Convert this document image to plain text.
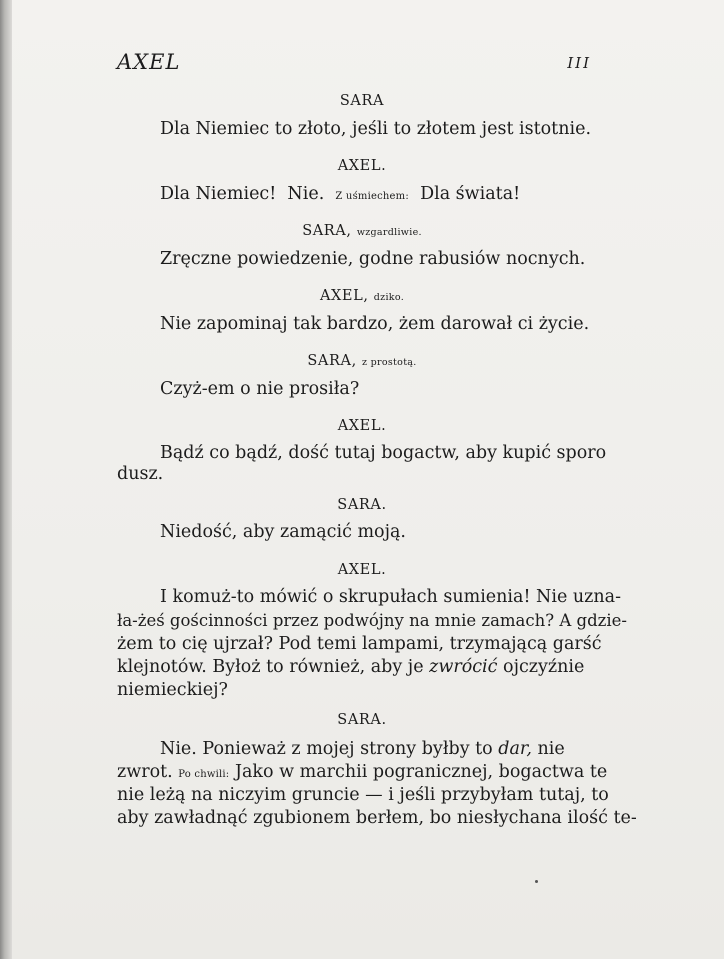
AXEL	III
SARA
Dla Niemiec to złoto, jeśli to złotem jest istotnie.
AXEL.
Dla Niemiec! Nie. Z uśmiechem: Dla świata!
SARA, wzgardliwie.
Zręczne powiedzenie, godne rabusiów nocnych.
AXEL, dziko.
Nie zapominaj tak bardzo, żem darował ci życie.
SARA, z prostotą.
Czyż-em o nie prosiła?
AXEL.
Bądź co bądź, dość tutaj bogactw, aby kupić sporo
dusz.
SARA.
Niedość, aby zamącić moją.
AXEL.
I komuż-to mówić o skrupułach sumienia! Nie uzna-
ła-żeś gościnności przez podwójny na mnie zamach? A gdzie-
żem to cię ujrzał? Pod temi lampami, trzymającą garść
klejnotów. Byłoż to również, aby je zwrócić ojczyźnie
niemieckiej?
SARA.
Nie. Ponieważ z mojej strony byłby to dar, nie
zwrot. Po chwili: Jako w marchii pogranicznej, bogactwa te
nie leżą na niczyim gruncie — i jeśli przybyłam tutaj, to
aby zawładnąć zgubionem berłem, bo niesłychana ilość te-
